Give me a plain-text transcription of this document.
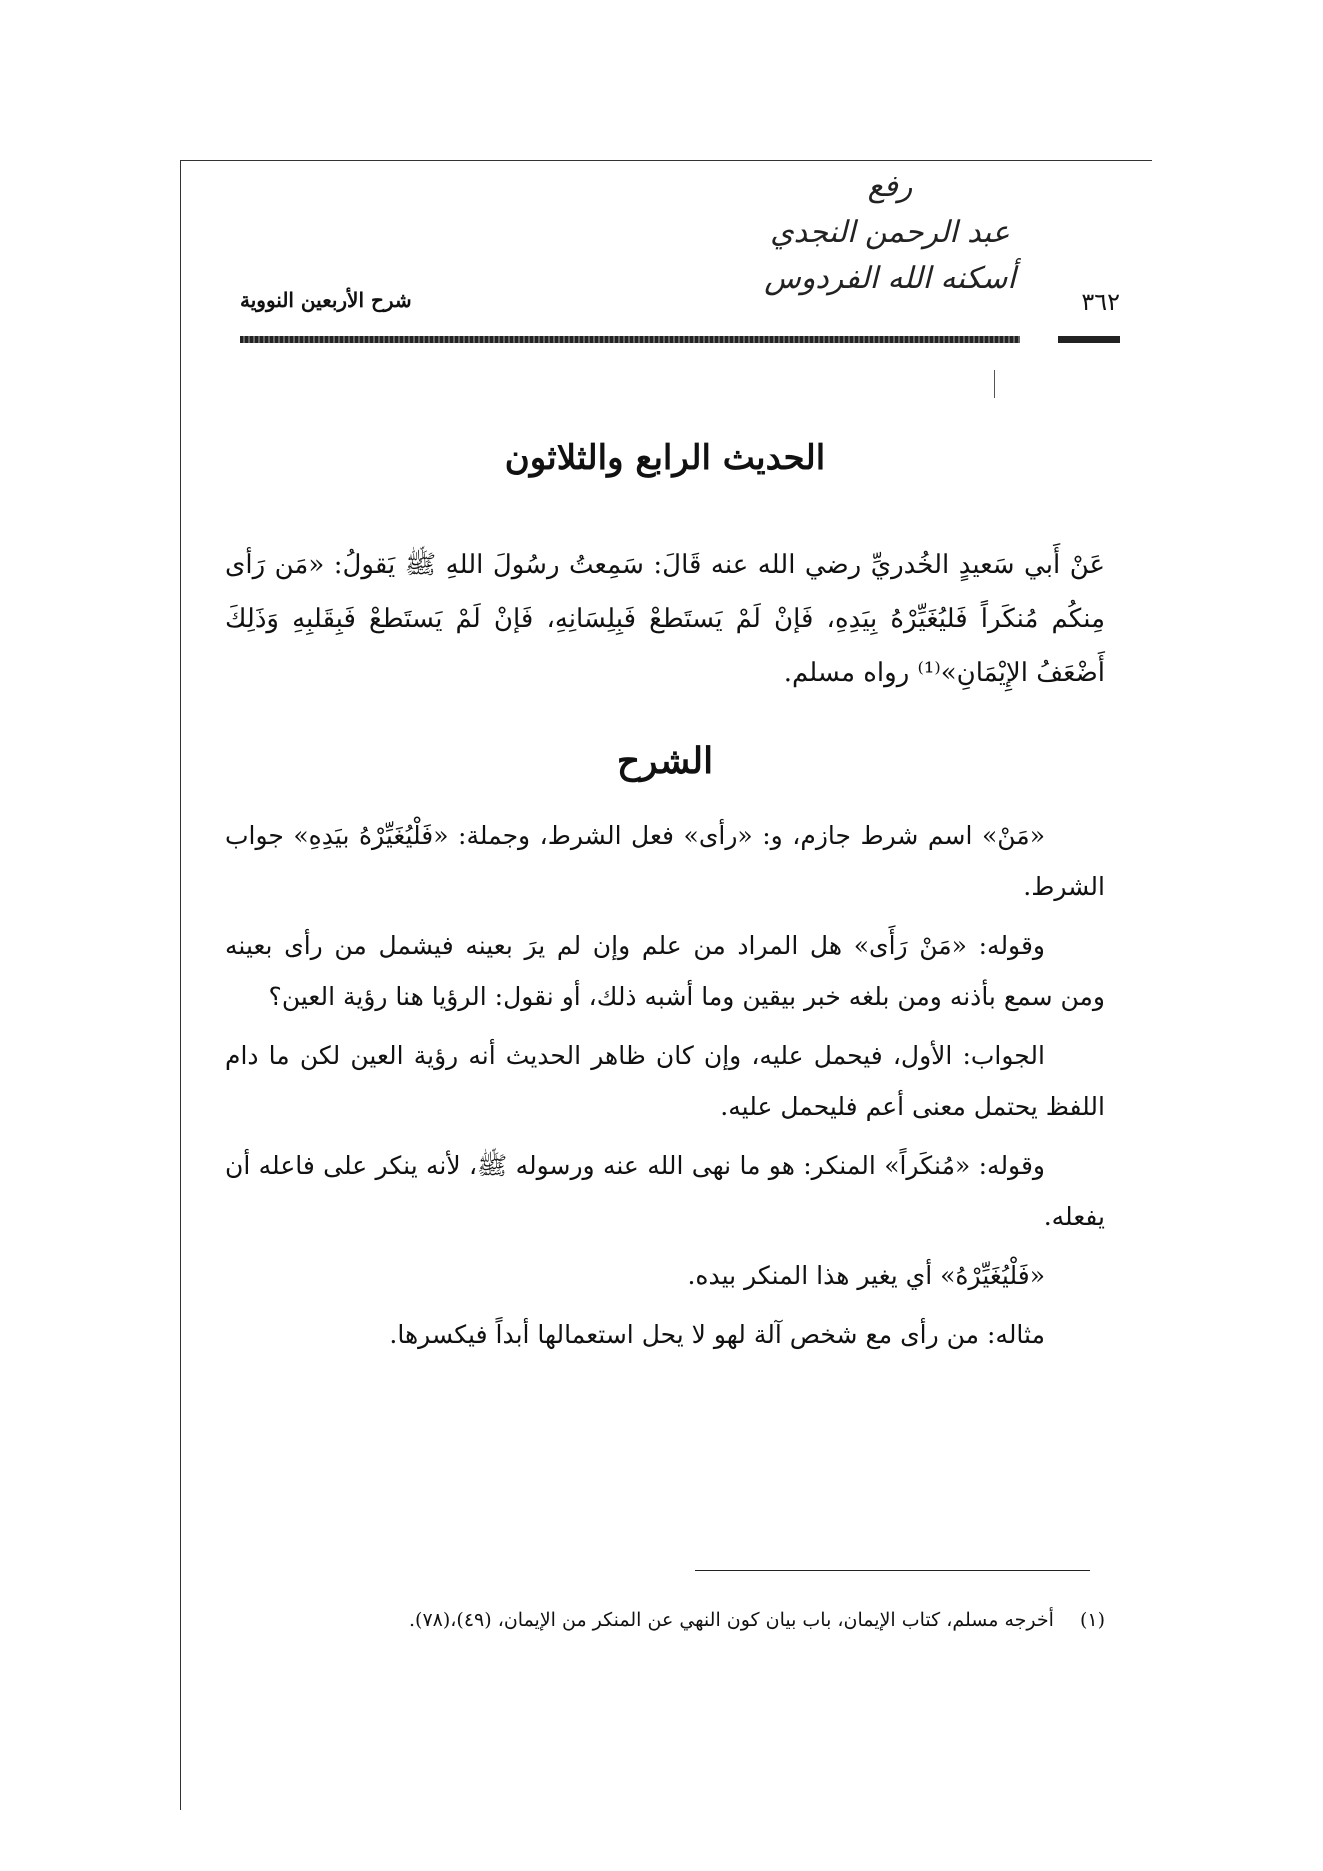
رفع
عبد الرحمن النجدي
أسكنه الله الفردوس
شرح الأربعين النووية	٣٦٢
الحديث الرابع والثلاثون

عَنْ أَبي سَعيدٍ الخُدريِّ رضي الله عنه قَالَ: سَمِعتُ رسُولَ اللهِ ﷺ يَقولُ: «مَن رَأى مِنكُم مُنكَراً فَليُغَيِّرْهُ بِيَدِهِ، فَإنْ لَمْ يَستَطعْ فَبِلِسَانِهِ، فَإنْ لَمْ يَستَطعْ فَبِقَلبِهِ وَذَلِكَ أَضْعَفُ الإِيْمَانِ»⁽¹⁾ رواه مسلم.

الشرح

«مَنْ» اسم شرط جازم، و: «رأى» فعل الشرط، وجملة: «فَلْيُغَيِّرْهُ بيَدِهِ» جواب الشرط.

وقوله: «مَنْ رَأَى» هل المراد من علم وإن لم يرَ بعينه فيشمل من رأى بعينه ومن سمع بأذنه ومن بلغه خبر بيقين وما أشبه ذلك، أو نقول: الرؤيا هنا رؤية العين؟

الجواب: الأول، فيحمل عليه، وإن كان ظاهر الحديث أنه رؤية العين لكن ما دام اللفظ يحتمل معنى أعم فليحمل عليه.

وقوله: «مُنكَراً» المنكر: هو ما نهى الله عنه ورسوله ﷺ، لأنه ينكر على فاعله أن يفعله.

«فَلْيُغَيِّرْهُ» أي يغير هذا المنكر بيده.

مثاله: من رأى مع شخص آلة لهو لا يحل استعمالها أبداً فيكسرها.

(١) أخرجه مسلم، كتاب الإيمان، باب بيان كون النهي عن المنكر من الإيمان، (٤٩)،(٧٨).
